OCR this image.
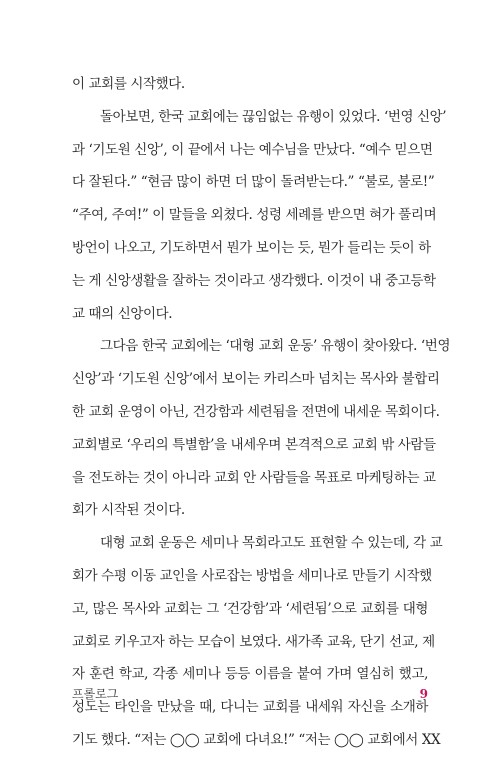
이 교회를 시작했다.
돌아보면, 한국 교회에는 끊임없는 유행이 있었다. ‘번영 신앙’
과 ‘기도원 신앙’, 이 끝에서 나는 예수님을 만났다. “예수 믿으면
다 잘된다.” “현금 많이 하면 더 많이 돌려받는다.” “불로, 불로!”
“주여, 주여!” 이 말들을 외쳤다. 성령 세례를 받으면 혀가 풀리며
방언이 나오고, 기도하면서 뭔가 보이는 듯, 뭔가 들리는 듯이 하
는 게 신앙생활을 잘하는 것이라고 생각했다. 이것이 내 중고등학
교 때의 신앙이다.
그다음 한국 교회에는 ‘대형 교회 운동’ 유행이 찾아왔다. ‘번영
신앙’과 ‘기도원 신앙’에서 보이는 카리스마 넘치는 목사와 불합리
한 교회 운영이 아닌, 건강함과 세련됨을 전면에 내세운 목회이다.
교회별로 ‘우리의 특별함’을 내세우며 본격적으로 교회 밖 사람들
을 전도하는 것이 아니라 교회 안 사람들을 목표로 마케팅하는 교
회가 시작된 것이다.
대형 교회 운동은 세미나 목회라고도 표현할 수 있는데, 각 교
회가 수평 이동 교인을 사로잡는 방법을 세미나로 만들기 시작했
고, 많은 목사와 교회는 그 ‘건강함’과 ‘세련됨’으로 교회를 대형
교회로 키우고자 하는 모습이 보였다. 새가족 교육, 단기 선교, 제
자 훈련 학교, 각종 세미나 등등 이름을 붙여 가며 열심히 했고,
성도는 타인을 만났을 때, 다니는 교회를 내세워 자신을 소개하
기도 했다. “저는 ◯◯ 교회에 다녀요!” “저는 ◯◯ 교회에서 XX
프롤로그	9
